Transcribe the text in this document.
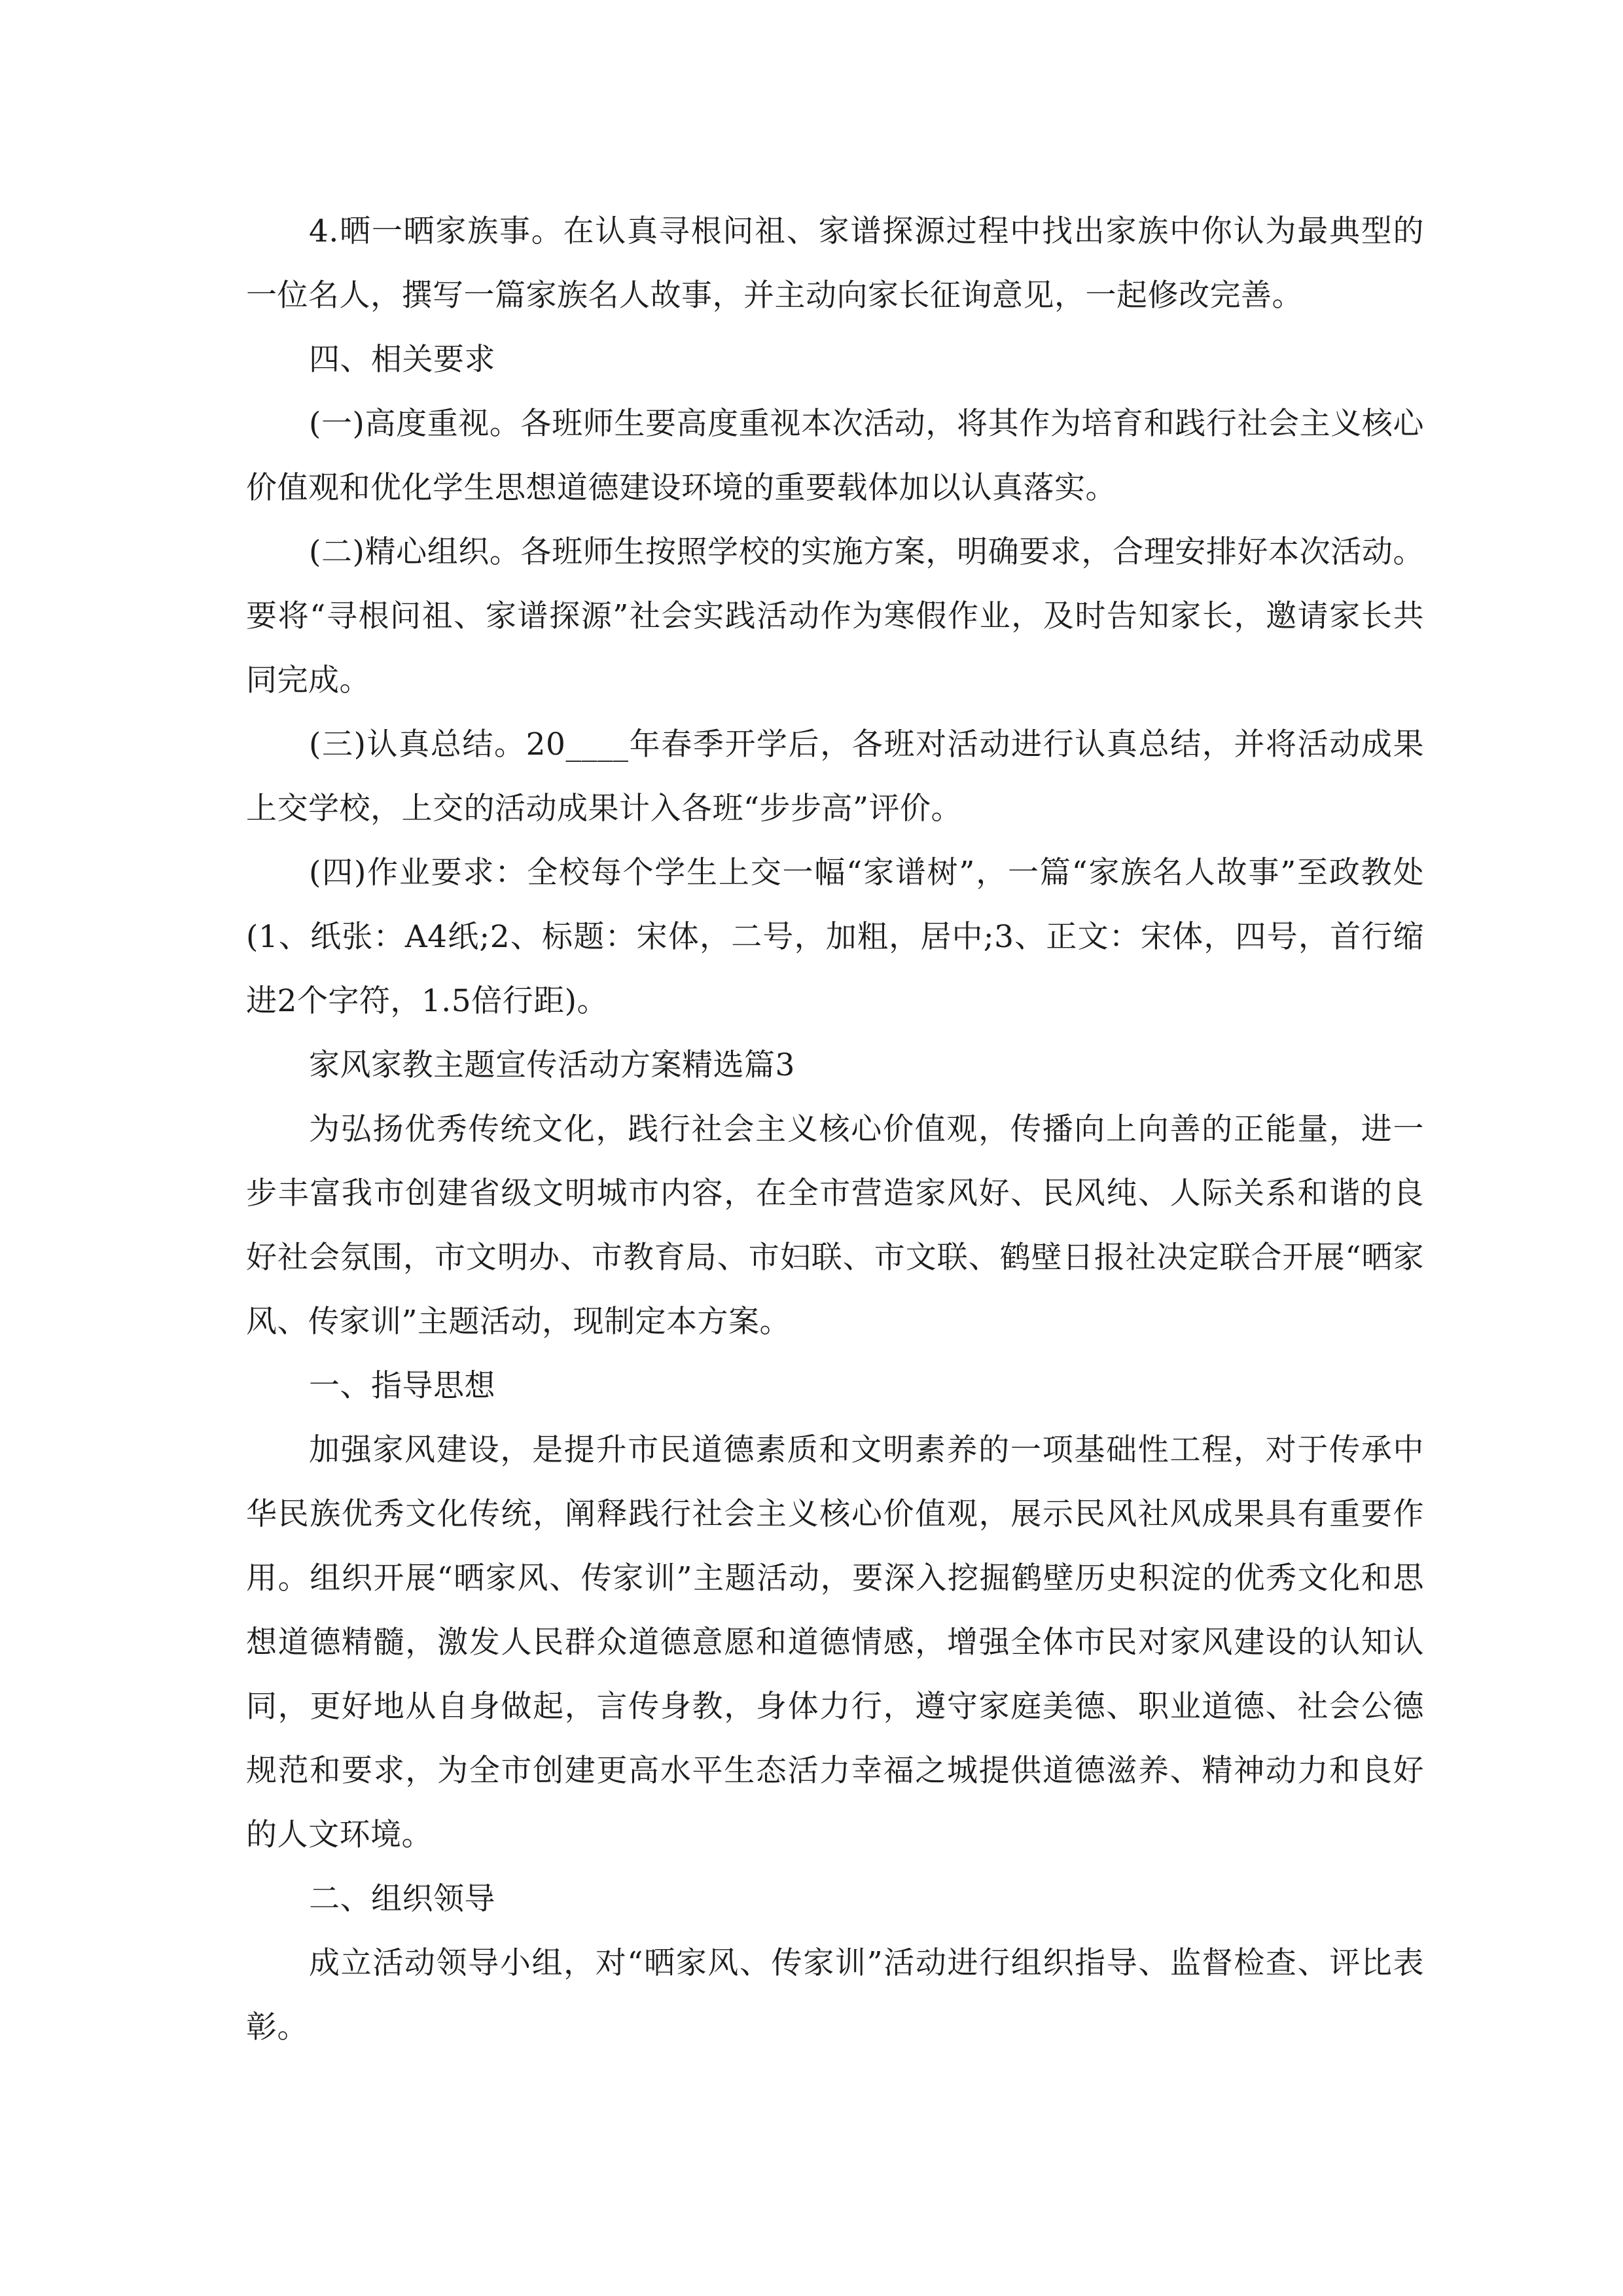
4.晒一晒家族事。在认真寻根问祖、家谱探源过程中找出家族中你认为最典型的一位名人，撰写一篇家族名人故事，并主动向家长征询意见，一起修改完善。

四、相关要求

(一)高度重视。各班师生要高度重视本次活动，将其作为培育和践行社会主义核心价值观和优化学生思想道德建设环境的重要载体加以认真落实。

(二)精心组织。各班师生按照学校的实施方案，明确要求，合理安排好本次活动。要将“寻根问祖、家谱探源”社会实践活动作为寒假作业，及时告知家长，邀请家长共同完成。

(三)认真总结。20____年春季开学后，各班对活动进行认真总结，并将活动成果上交学校，上交的活动成果计入各班“步步高”评价。

(四)作业要求：全校每个学生上交一幅“家谱树”，一篇“家族名人故事”至政教处(1、纸张：A4纸;2、标题：宋体，二号，加粗，居中;3、正文：宋体，四号，首行缩进2个字符，1.5倍行距)。

家风家教主题宣传活动方案精选篇3

为弘扬优秀传统文化，践行社会主义核心价值观，传播向上向善的正能量，进一步丰富我市创建省级文明城市内容，在全市营造家风好、民风纯、人际关系和谐的良好社会氛围，市文明办、市教育局、市妇联、市文联、鹤壁日报社决定联合开展“晒家风、传家训”主题活动，现制定本方案。

一、指导思想

加强家风建设，是提升市民道德素质和文明素养的一项基础性工程，对于传承中华民族优秀文化传统，阐释践行社会主义核心价值观，展示民风社风成果具有重要作用。组织开展“晒家风、传家训”主题活动，要深入挖掘鹤壁历史积淀的优秀文化和思想道德精髓，激发人民群众道德意愿和道德情感，增强全体市民对家风建设的认知认同，更好地从自身做起，言传身教，身体力行，遵守家庭美德、职业道德、社会公德规范和要求，为全市创建更高水平生态活力幸福之城提供道德滋养、精神动力和良好的人文环境。

二、组织领导

成立活动领导小组，对“晒家风、传家训”活动进行组织指导、监督检查、评比表彰。
